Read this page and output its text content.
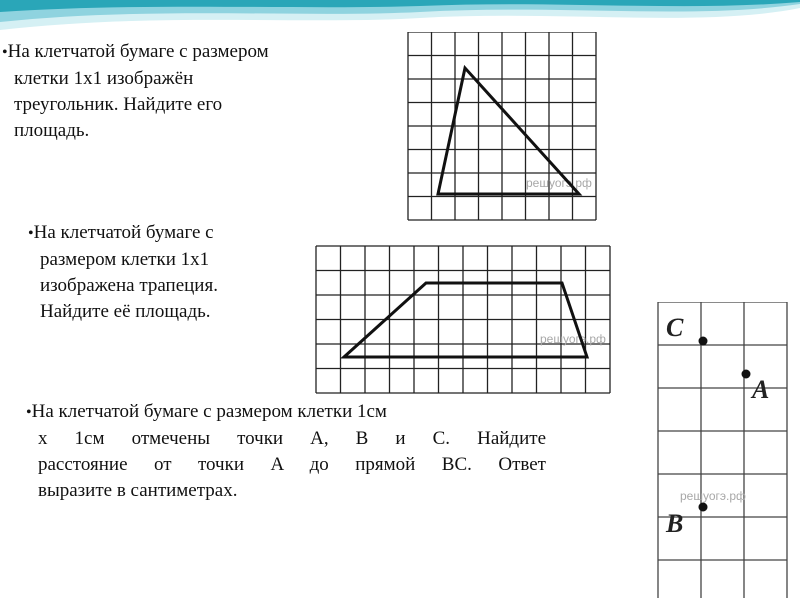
•На клетчатой бумаге с размером
клетки 1х1 изображён
треугольник. Найдите его
площадь.
•На клетчатой бумаге с
размером клетки 1х1
изображена трапеция.
Найдите её площадь.
•На клетчатой бумаге с размером клетки 1см
х 1см отмечены точки A, B и C. Найдите
расстояние от точки A до прямой BC. Ответ
выразите в сантиметрах.
решуогэ.рф
решуогэ.рф
решуогэ.рф
C
A
B
